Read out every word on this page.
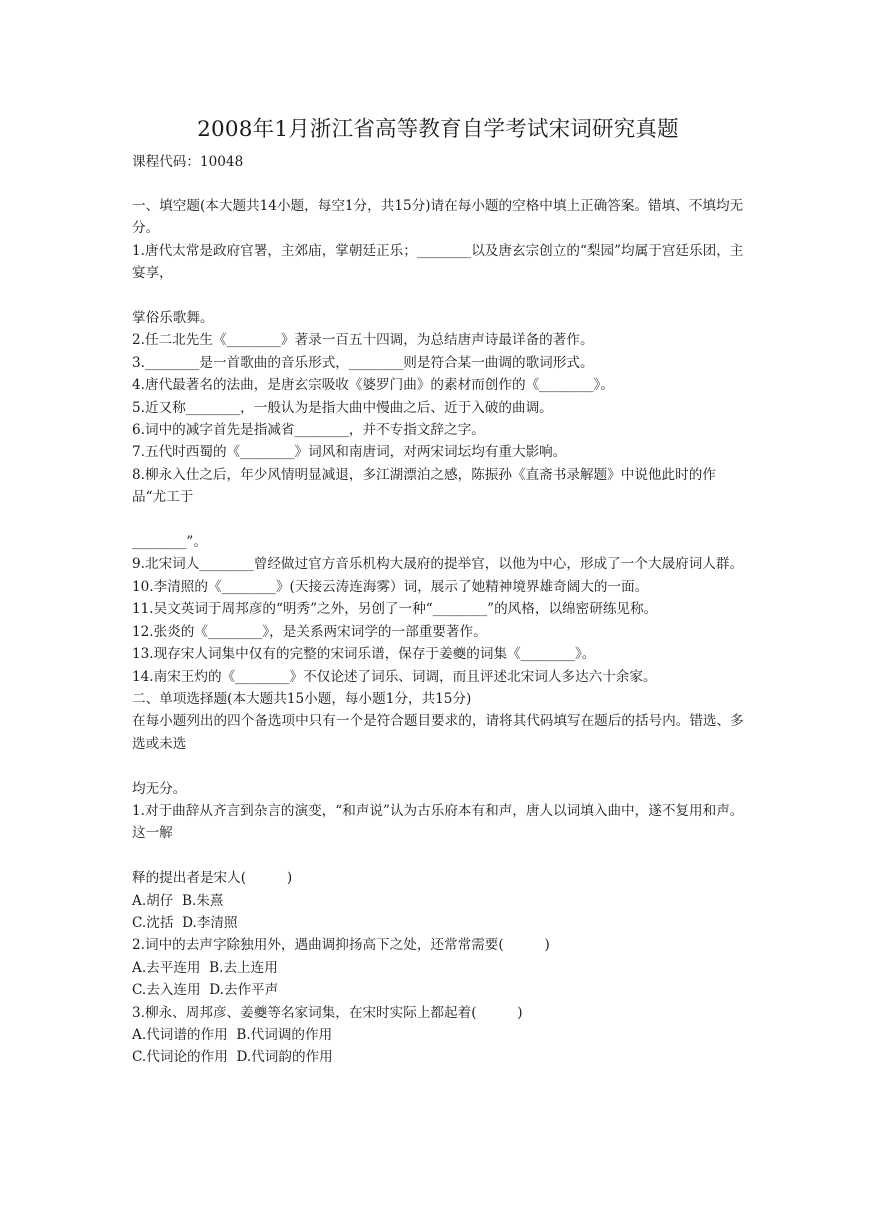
2008年1月浙江省高等教育自学考试宋词研究真题
课程代码：10048
一、填空题(本大题共14小题，每空1分，共15分)请在每小题的空格中填上正确答案。错填、不填均无分。
1.唐代太常是政府官署，主郊庙，掌朝廷正乐；________以及唐玄宗创立的“梨园”均属于宫廷乐团，主宴享，
掌俗乐歌舞。
2.任二北先生《________》著录一百五十四调，为总结唐声诗最详备的著作。
3.________是一首歌曲的音乐形式，________则是符合某一曲调的歌词形式。
4.唐代最著名的法曲，是唐玄宗吸收《婆罗门曲》的素材而创作的《________》。
5.近又称________，一般认为是指大曲中慢曲之后、近于入破的曲调。
6.词中的减字首先是指减省________，并不专指文辞之字。
7.五代时西蜀的《________》词风和南唐词，对两宋词坛均有重大影响。
8.柳永入仕之后，年少风情明显减退，多江湖漂泊之感，陈振孙《直斋书录解题》中说他此时的作品“尤工于
________”。
9.北宋词人________曾经做过官方音乐机构大晟府的提举官，以他为中心，形成了一个大晟府词人群。
10.李清照的《________》(天接云涛连海雾）词，展示了她精神境界雄奇阔大的一面。
11.吴文英词于周邦彦的“明秀”之外，另创了一种“________”的风格，以绵密研练见称。
12.张炎的《________》，是关系两宋词学的一部重要著作。
13.现存宋人词集中仅有的完整的宋词乐谱，保存于姜夔的词集《________》。
14.南宋王灼的《________》不仅论述了词乐、词调，而且评述北宋词人多达六十余家。
二、单项选择题(本大题共15小题，每小题1分，共15分)
在每小题列出的四个备选项中只有一个是符合题目要求的，请将其代码填写在题后的括号内。错选、多选或未选
均无分。
1.对于曲辞从齐言到杂言的演变，“和声说”认为古乐府本有和声，唐人以词填入曲中，遂不复用和声。这一解
释的提出者是宋人(　　　)
A.胡仔  B.朱熹
C.沈括  D.李清照
2.词中的去声字除独用外，遇曲调抑扬高下之处，还常常需要(　　　)
A.去平连用  B.去上连用
C.去入连用  D.去作平声
3.柳永、周邦彦、姜夔等名家词集，在宋时实际上都起着(　　　)
A.代词谱的作用  B.代词调的作用
C.代词论的作用  D.代词韵的作用
